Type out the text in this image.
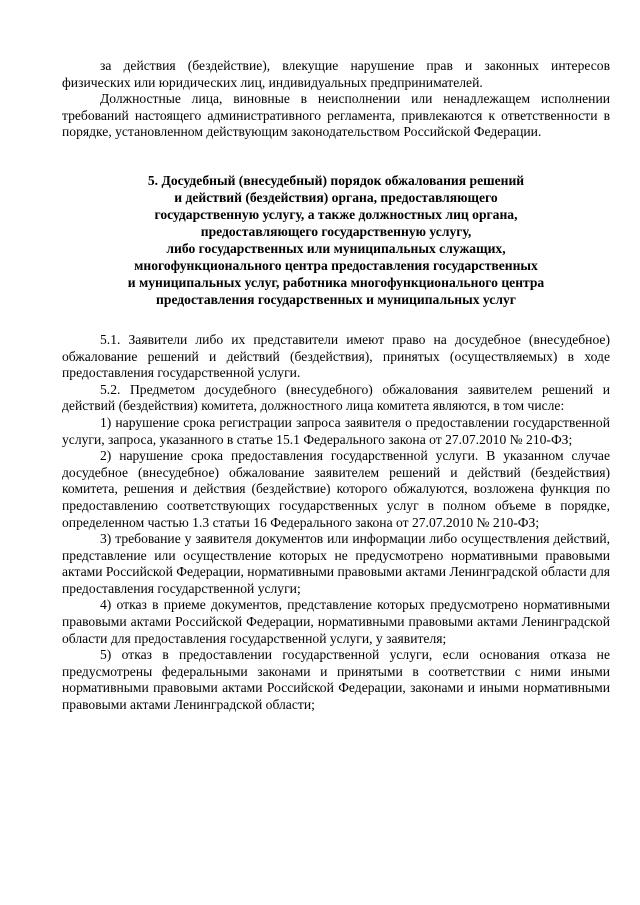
за действия (бездействие), влекущие нарушение прав и законных интересов физических или юридических лиц, индивидуальных предпринимателей.

Должностные лица, виновные в неисполнении или ненадлежащем исполнении требований настоящего административного регламента, привлекаются к ответственности в порядке, установленном действующим законодательством Российской Федерации.

5. Досудебный (внесудебный) порядок обжалования решений
и действий (бездействия) органа, предоставляющего
государственную услугу, а также должностных лиц органа,
предоставляющего государственную услугу,
либо государственных или муниципальных служащих,
многофункционального центра предоставления государственных
и муниципальных услуг, работника многофункционального центра
предоставления государственных и муниципальных услуг

5.1. Заявители либо их представители имеют право на досудебное (внесудебное) обжалование решений и действий (бездействия), принятых (осуществляемых) в ходе предоставления государственной услуги.

5.2. Предметом досудебного (внесудебного) обжалования заявителем решений и действий (бездействия) комитета, должностного лица комитета являются, в том числе:

1) нарушение срока регистрации запроса заявителя о предоставлении государственной услуги, запроса, указанного в статье 15.1 Федерального закона от 27.07.2010 № 210-ФЗ;

2) нарушение срока предоставления государственной услуги. В указанном случае досудебное (внесудебное) обжалование заявителем решений и действий (бездействия) комитета, решения и действия (бездействие) которого обжалуются, возложена функция по предоставлению соответствующих государственных услуг в полном объеме в порядке, определенном частью 1.3 статьи 16 Федерального закона от 27.07.2010 № 210-ФЗ;

3) требование у заявителя документов или информации либо осуществления действий, представление или осуществление которых не предусмотрено нормативными правовыми актами Российской Федерации, нормативными правовыми актами Ленинградской области для предоставления государственной услуги;

4) отказ в приеме документов, представление которых предусмотрено нормативными правовыми актами Российской Федерации, нормативными правовыми актами Ленинградской области для предоставления государственной услуги, у заявителя;

5) отказ в предоставлении государственной услуги, если основания отказа не предусмотрены федеральными законами и принятыми в соответствии с ними иными нормативными правовыми актами Российской Федерации, законами и иными нормативными правовыми актами Ленинградской области;
